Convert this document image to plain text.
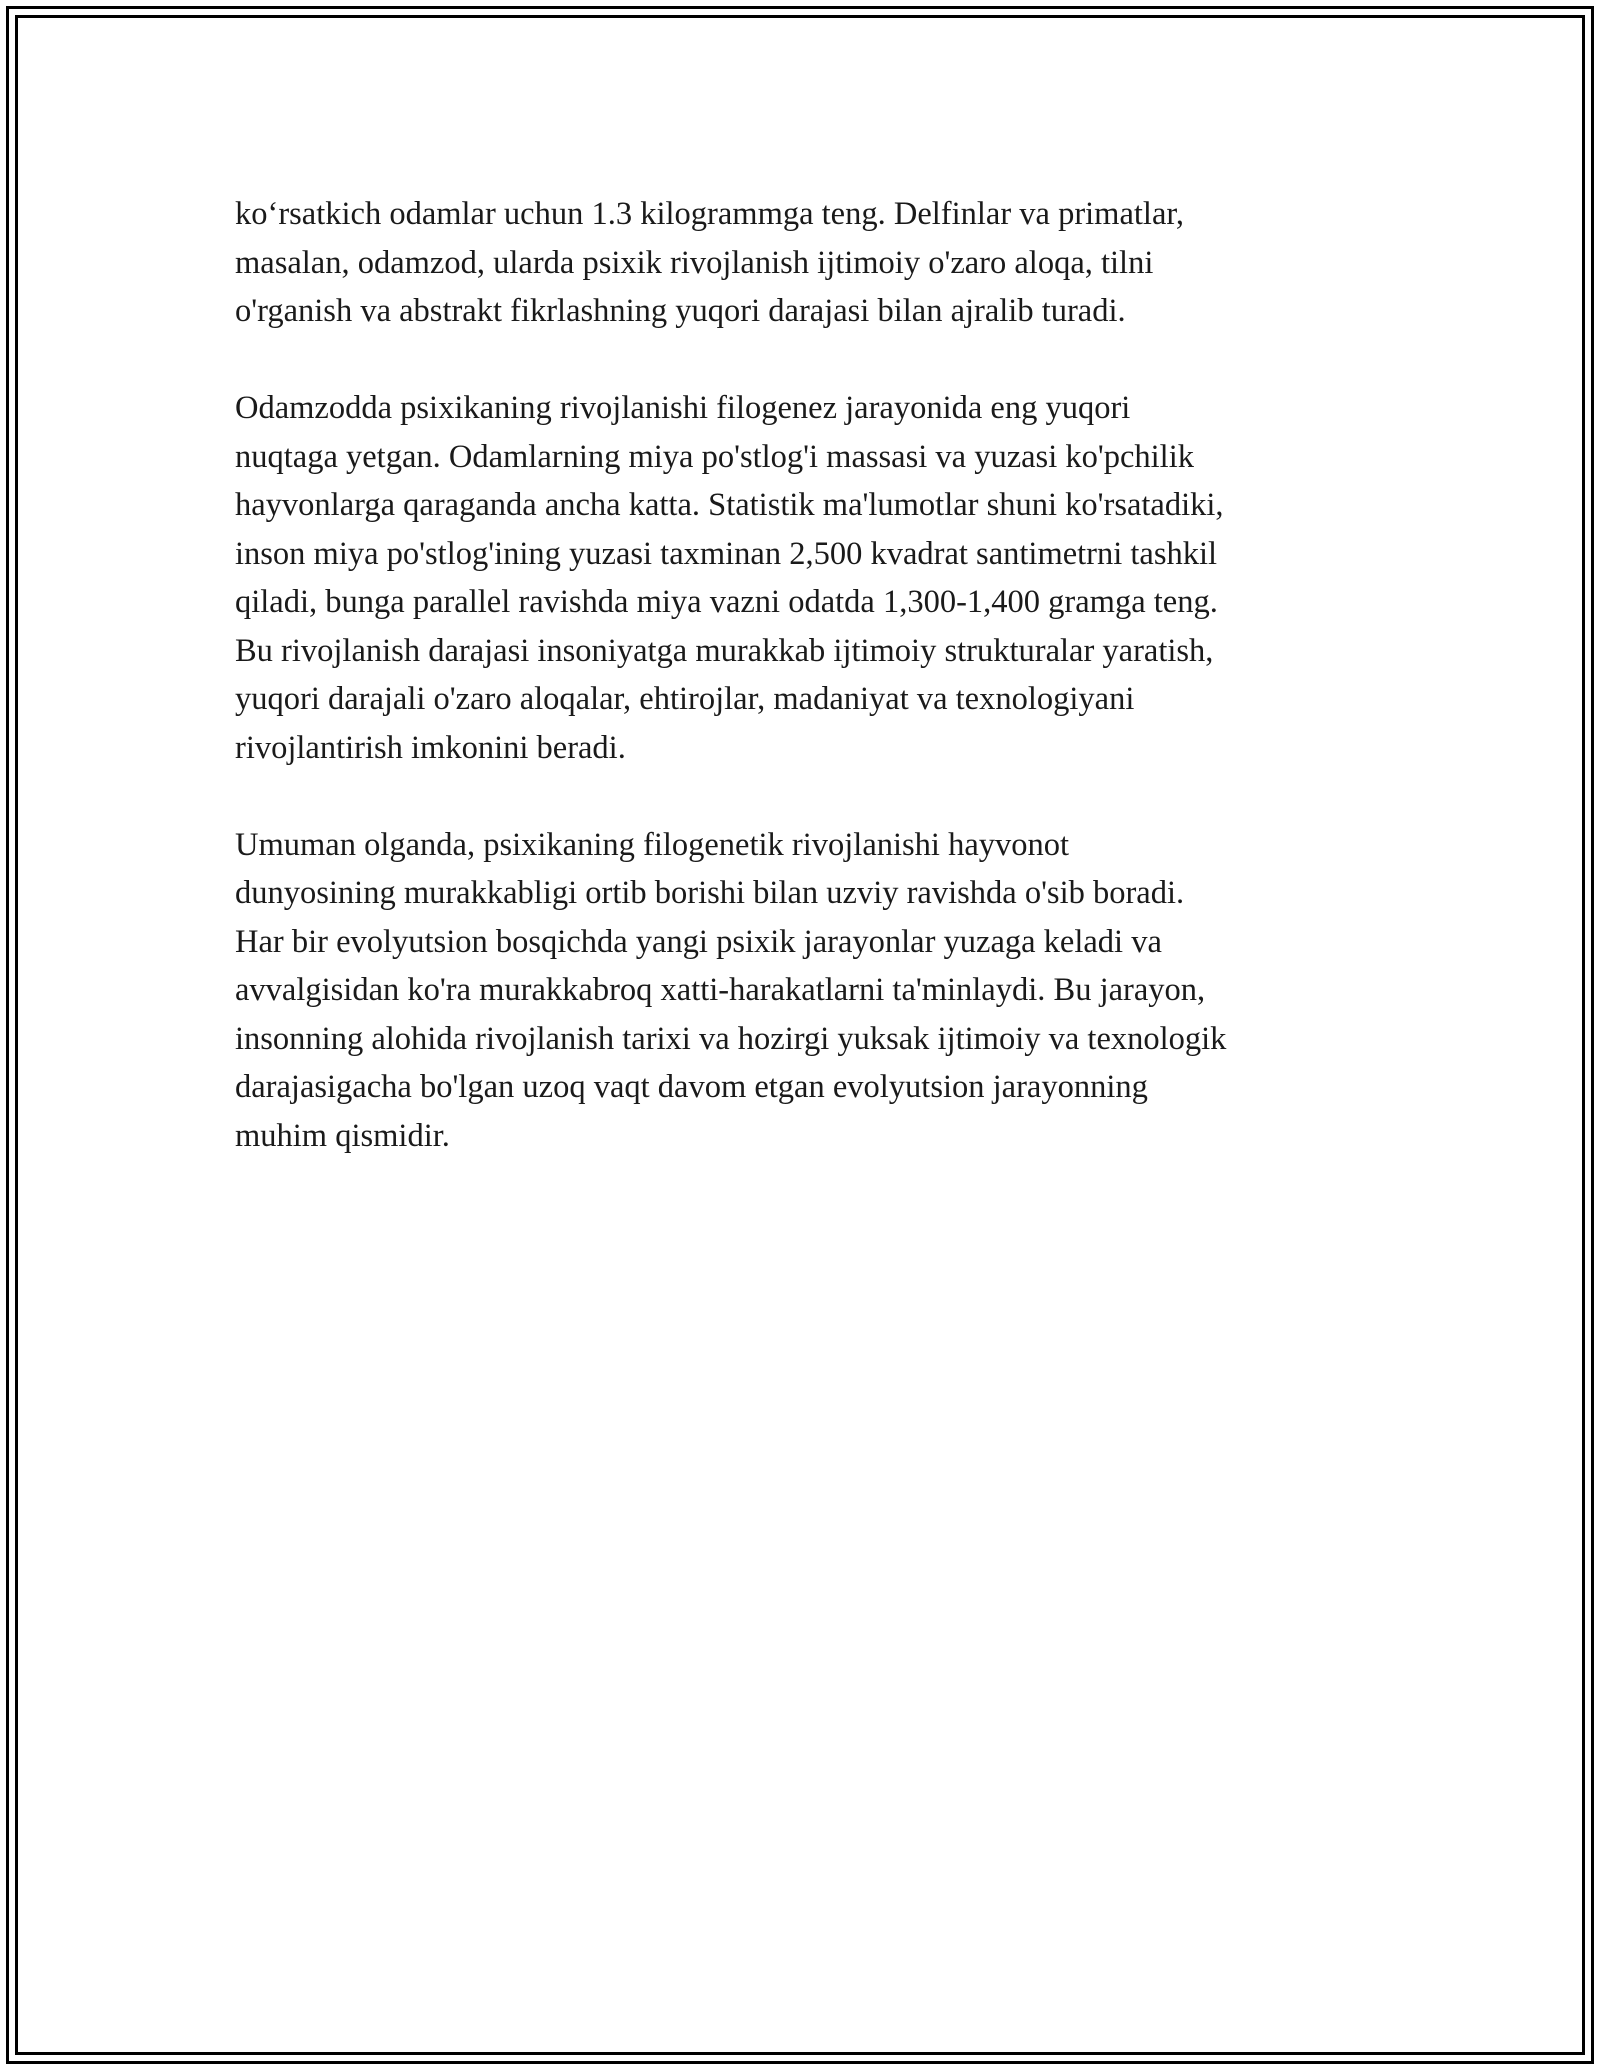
ko‘rsatkich odamlar uchun 1.3 kilogrammga teng. Delfinlar va primatlar,
masalan, odamzod, ularda psixik rivojlanish ijtimoiy o'zaro aloqa, tilni
o'rganish va abstrakt fikrlashning yuqori darajasi bilan ajralib turadi.

Odamzodda psixikaning rivojlanishi filogenez jarayonida eng yuqori
nuqtaga yetgan. Odamlarning miya po'stlog'i massasi va yuzasi ko'pchilik
hayvonlarga qaraganda ancha katta. Statistik ma'lumotlar shuni ko'rsatadiki,
inson miya po'stlog'ining yuzasi taxminan 2,500 kvadrat santimetrni tashkil
qiladi, bunga parallel ravishda miya vazni odatda 1,300-1,400 gramga teng.
Bu rivojlanish darajasi insoniyatga murakkab ijtimoiy strukturalar yaratish,
yuqori darajali o'zaro aloqalar, ehtirojlar, madaniyat va texnologiyani
rivojlantirish imkonini beradi.

Umuman olganda, psixikaning filogenetik rivojlanishi hayvonot
dunyosining murakkabligi ortib borishi bilan uzviy ravishda o'sib boradi.
Har bir evolyutsion bosqichda yangi psixik jarayonlar yuzaga keladi va
avvalgisidan ko'ra murakkabroq xatti-harakatlarni ta'minlaydi. Bu jarayon,
insonning alohida rivojlanish tarixi va hozirgi yuksak ijtimoiy va texnologik
darajasigacha bo'lgan uzoq vaqt davom etgan evolyutsion jarayonning
muhim qismidir.
